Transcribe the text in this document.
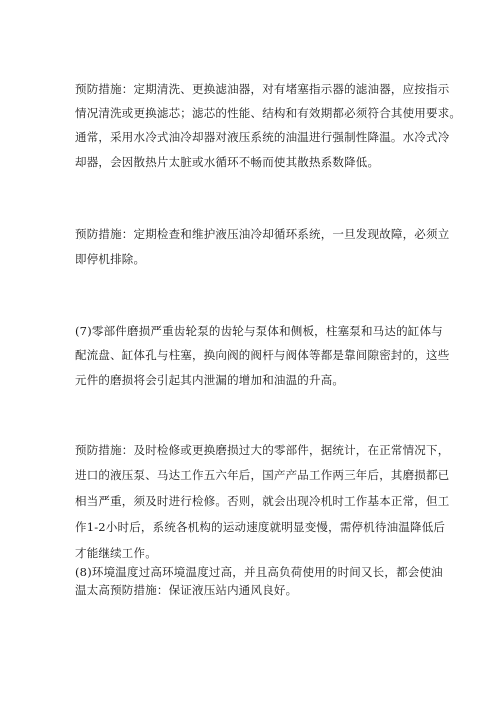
预防措施：定期清洗、更换滤油器，对有堵塞指示器的滤油器，应按指示
情况清洗或更换滤芯；滤芯的性能、结构和有效期都必须符合其使用要求。
通常，采用水冷式油冷却器对液压系统的油温进行强制性降温。水冷式冷
却器，会因散热片太脏或水循环不畅而使其散热系数降低。
预防措施：定期检查和维护液压油冷却循环系统，一旦发现故障，必须立
即停机排除。
(7)零部件磨损严重齿轮泵的齿轮与泵体和侧板，柱塞泵和马达的缸体与
配流盘、缸体孔与柱塞，换向阀的阀杆与阀体等都是靠间隙密封的，这些
元件的磨损将会引起其内泄漏的增加和油温的升高。
预防措施：及时检修或更换磨损过大的零部件，据统计，在正常情况下，
进口的液压泵、马达工作五六年后，国产产品工作两三年后，其磨损都已
相当严重，须及时进行检修。否则，就会出现冷机时工作基本正常，但工
作1-2小时后，系统各机构的运动速度就明显变慢，需停机待油温降低后
才能继续工作。
(8)环境温度过高环境温度过高，并且高负荷使用的时间又长，都会使油
温太高预防措施：保证液压站内通风良好。
